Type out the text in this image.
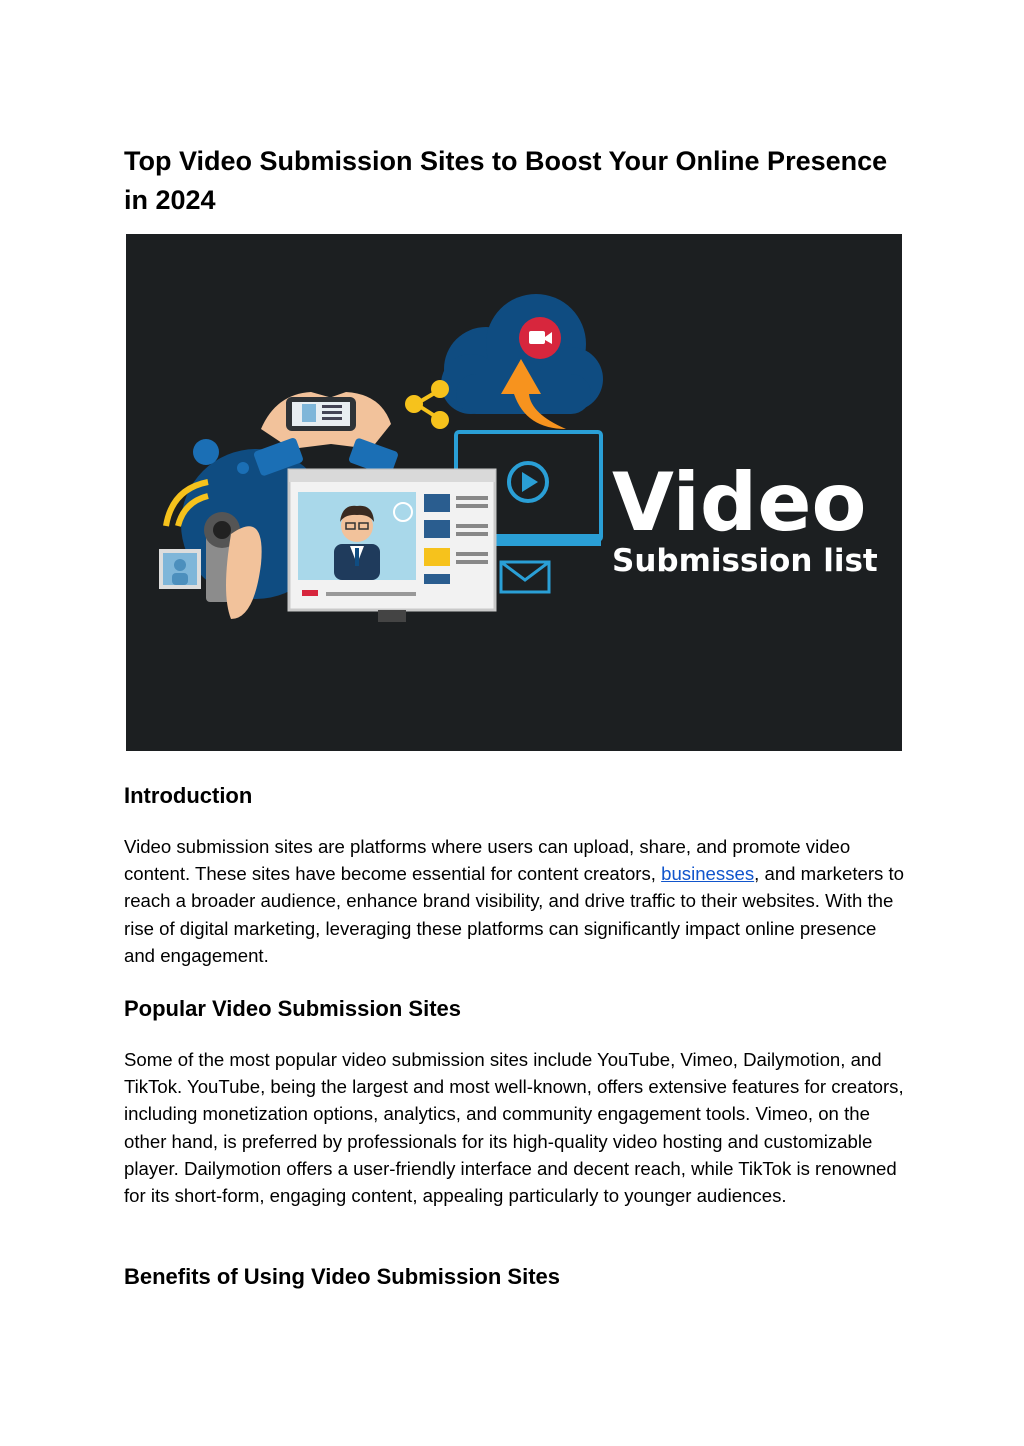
Top Video Submission Sites to Boost Your Online Presence in 2024
Video
Submission list
Introduction

Video submission sites are platforms where users can upload, share, and promote video content. These sites have become essential for content creators, businesses, and marketers to reach a broader audience, enhance brand visibility, and drive traffic to their websites. With the rise of digital marketing, leveraging these platforms can significantly impact online presence and engagement.

Popular Video Submission Sites

Some of the most popular video submission sites include YouTube, Vimeo, Dailymotion, and TikTok. YouTube, being the largest and most well-known, offers extensive features for creators, including monetization options, analytics, and community engagement tools. Vimeo, on the other hand, is preferred by professionals for its high-quality video hosting and customizable player. Dailymotion offers a user-friendly interface and decent reach, while TikTok is renowned for its short-form, engaging content, appealing particularly to younger audiences.

Benefits of Using Video Submission Sites
